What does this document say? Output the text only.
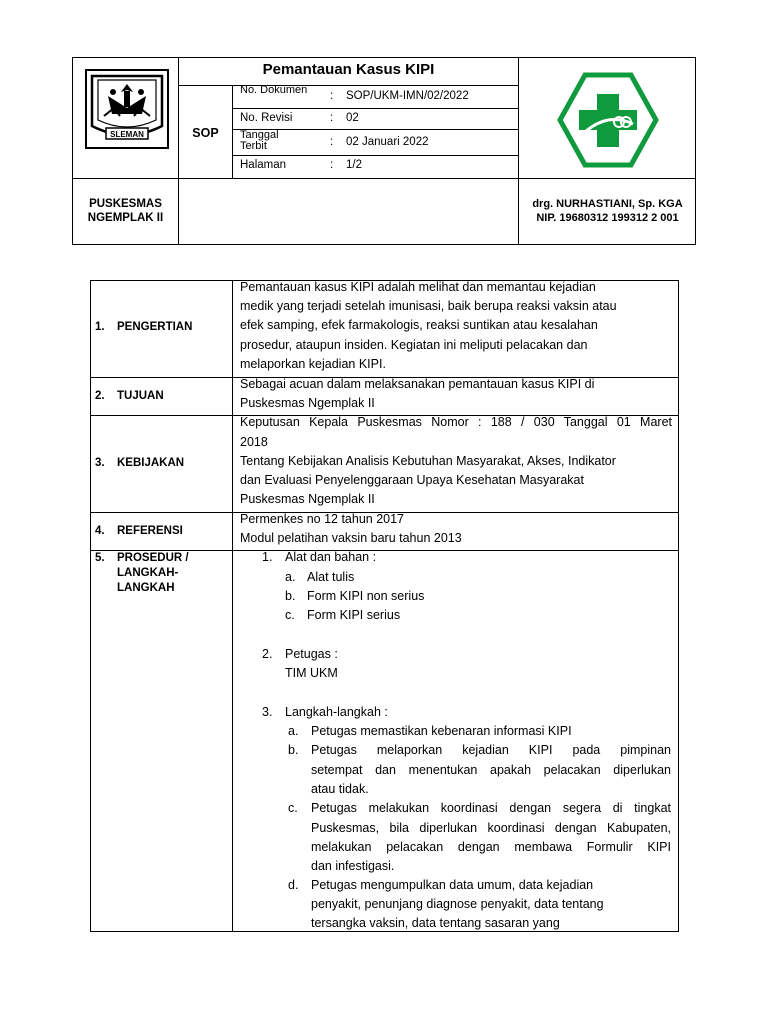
SLEMAN
Pemantauan Kasus KIPI
SOP
No. Dokumen : SOP/UKM-IMN/02/2022
No. Revisi	: 02
Tanggal Terbit	: 02 Januari 2022
Halaman	: 1/2
PUSKESMAS
NGEMPLAK II
drg. NURHASTIANI, Sp. KGA
NIP. 19680312 199312 2 001
1. PENGERTIAN
Pemantauan kasus KIPI adalah melihat dan memantau kejadian
medik yang terjadi setelah imunisasi, baik berupa reaksi vaksin atau
efek samping, efek farmakologis, reaksi suntikan atau kesalahan
prosedur, ataupun insiden. Kegiatan ini meliputi pelacakan dan
melaporkan kejadian KIPI.
2. TUJUAN
Sebagai acuan dalam melaksanakan pemantauan kasus KIPI di
Puskesmas Ngemplak II
3. KEBIJAKAN
Keputusan Kepala Puskesmas Nomor : 188 / 030 Tanggal 01 Maret
2018
Tentang Kebijakan Analisis Kebutuhan Masyarakat, Akses, Indikator
dan Evaluasi Penyelenggaraan Upaya Kesehatan Masyarakat
Puskesmas Ngemplak II
4. REFERENSI
Permenkes no 12 tahun 2017
Modul pelatihan vaksin baru tahun 2013
5. PROSEDUR /
LANGKAH-
LANGKAH
1. Alat dan bahan :
a. Alat tulis
b. Form KIPI non serius
c. Form KIPI serius
2. Petugas :
TIM UKM
3. Langkah-langkah :
a. Petugas memastikan kebenaran informasi KIPI
b. Petugas melaporkan kejadian KIPI pada pimpinan
setempat dan menentukan apakah pelacakan diperlukan
atau tidak.
c. Petugas melakukan koordinasi dengan segera di tingkat
Puskesmas, bila diperlukan koordinasi dengan Kabupaten,
melakukan pelacakan dengan membawa Formulir KIPI
dan infestigasi.
d. Petugas mengumpulkan data umum, data kejadian
penyakit, penunjang diagnose penyakit, data tentang
tersangka vaksin, data tentang sasaran yang
